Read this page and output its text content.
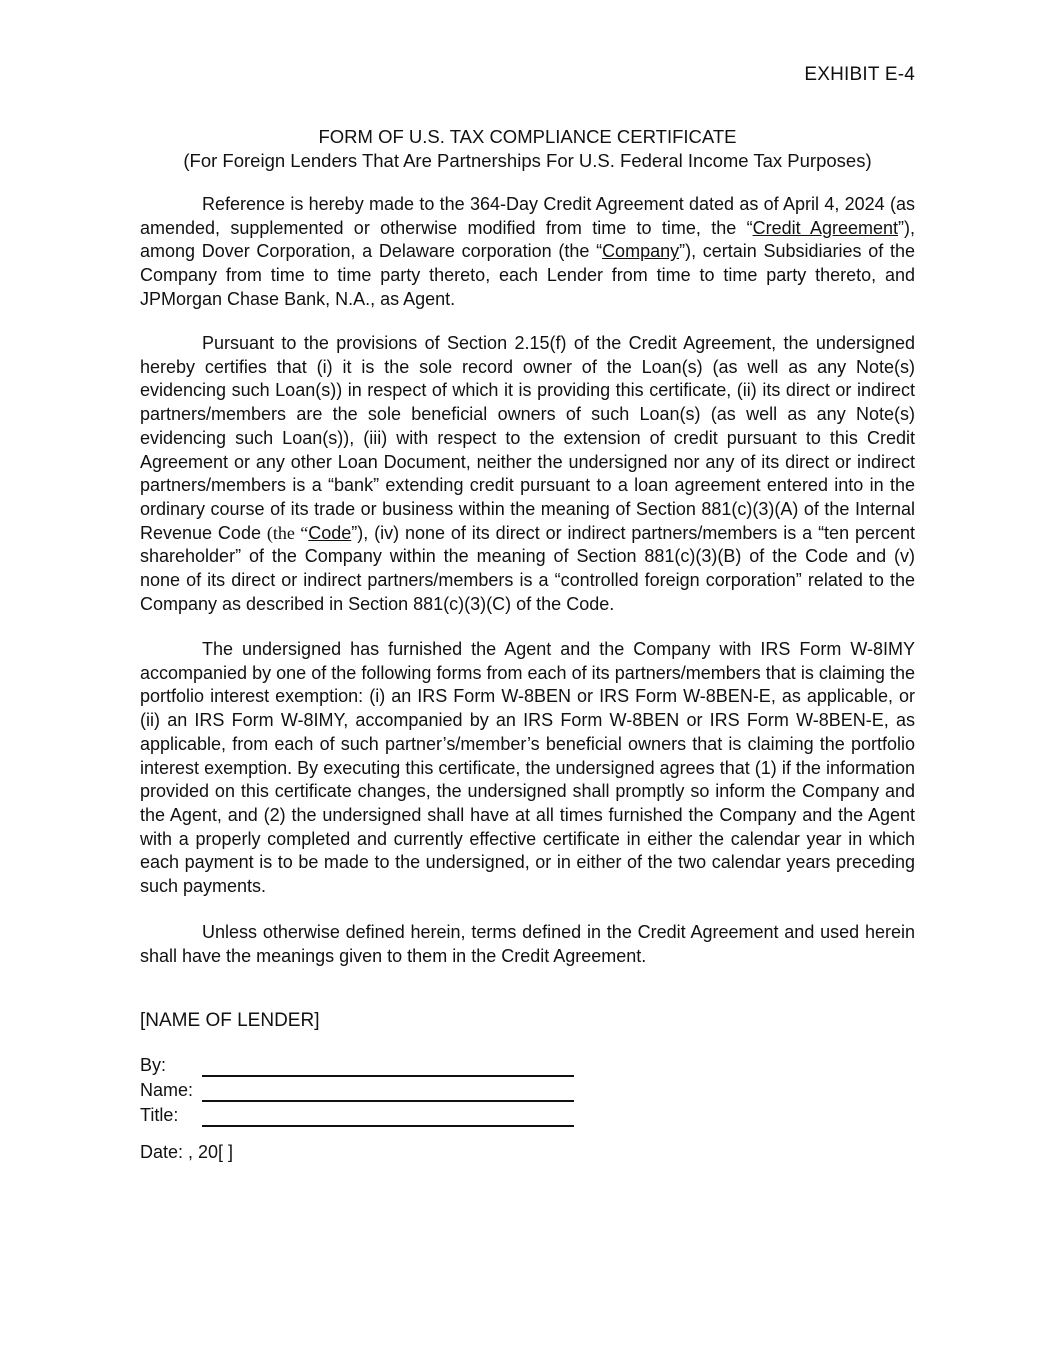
EXHIBIT E-4
FORM OF U.S. TAX COMPLIANCE CERTIFICATE
(For Foreign Lenders That Are Partnerships For U.S. Federal Income Tax Purposes)

Reference is hereby made to the 364-Day Credit Agreement dated as of April 4, 2024 (as amended, supplemented or otherwise modified from time to time, the “Credit Agreement”), among Dover Corporation, a Delaware corporation (the “Company”), certain Subsidiaries of the Company from time to time party thereto, each Lender from time to time party thereto, and JPMorgan Chase Bank, N.A., as Agent.

Pursuant to the provisions of Section 2.15(f) of the Credit Agreement, the undersigned hereby certifies that (i) it is the sole record owner of the Loan(s) (as well as any Note(s) evidencing such Loan(s)) in respect of which it is providing this certificate, (ii) its direct or indirect partners/members are the sole beneficial owners of such Loan(s) (as well as any Note(s) evidencing such Loan(s)), (iii) with respect to the extension of credit pursuant to this Credit Agreement or any other Loan Document, neither the undersigned nor any of its direct or indirect partners/members is a “bank” extending credit pursuant to a loan agreement entered into in the ordinary course of its trade or business within the meaning of Section 881(c)(3)(A) of the Internal Revenue Code (the “Code”), (iv) none of its direct or indirect partners/members is a “ten percent shareholder” of the Company within the meaning of Section 881(c)(3)(B) of the Code and (v) none of its direct or indirect partners/members is a “controlled foreign corporation” related to the Company as described in Section 881(c)(3)(C) of the Code.

The undersigned has furnished the Agent and the Company with IRS Form W-8IMY accompanied by one of the following forms from each of its partners/members that is claiming the portfolio interest exemption: (i) an IRS Form W-8BEN or IRS Form W-8BEN-E, as applicable, or (ii) an IRS Form W-8IMY, accompanied by an IRS Form W-8BEN or IRS Form W-8BEN-E, as applicable, from each of such partner’s/member’s beneficial owners that is claiming the portfolio interest exemption. By executing this certificate, the undersigned agrees that (1) if the information provided on this certificate changes, the undersigned shall promptly so inform the Company and the Agent, and (2) the undersigned shall have at all times furnished the Company and the Agent with a properly completed and currently effective certificate in either the calendar year in which each payment is to be made to the undersigned, or in either of the two calendar years preceding such payments.

Unless otherwise defined herein, terms defined in the Credit Agreement and used herein shall have the meanings given to them in the Credit Agreement.

[NAME OF LENDER]
By:
Name:
Title:
Date: , 20[ ]
